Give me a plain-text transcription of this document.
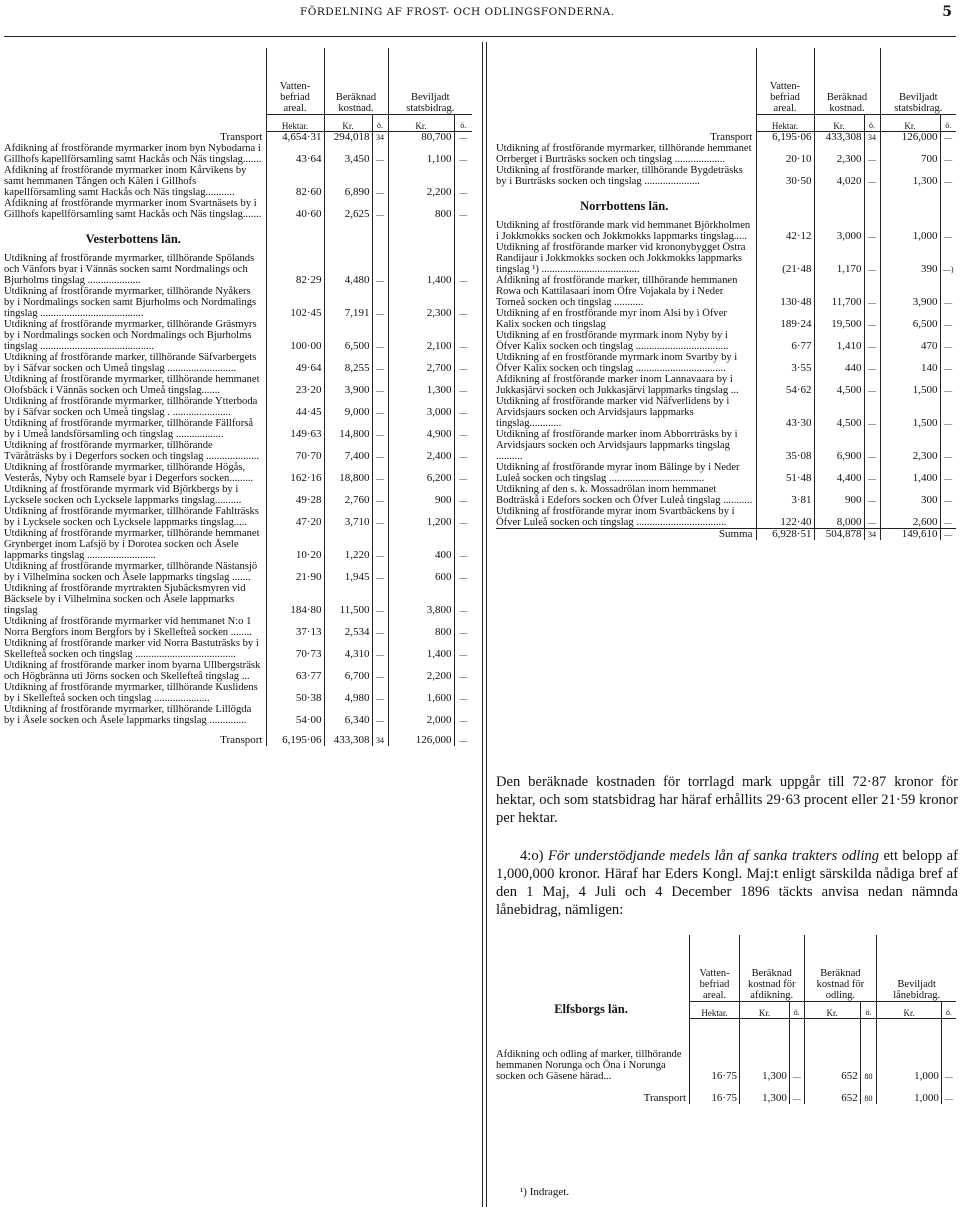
FÖRDELNING AF FROST- OCH ODLINGSFONDERNA.	5
	Vatten-
befriad
areal.	Beräknad
kostnad.		Beviljadt
statsbidrag.	
	Hektar.	Kr.	ö.	Kr.	ö.
Transport	4,654·31	294,018	34	80,700	—
Afdikning af frostförande myrmarker inom byn Nybodarna i Gillhofs kapellförsamling samt Hackås och Näs tingslag.......	43·64	3,450	—	1,100	—
Afdikning af frostförande myrmarker inom Kårvikens by samt hemmanen Tången och Kälen i Gillhofs kapellförsamling samt Hackås och Näs tingslag...........	82·60	6,890	—	2,200	—
Afdikning af frostförande myrmarker inom Svartnäsets by i Gillhofs kapellförsamling samt Hackås och Näs tingslag.......	40·60	2,625	—	800	—
Vesterbottens län.					
Utdikning af frostförande myrmarker, tillhörande Spölands och Vänfors byar i Vännäs socken samt Nordmalings och Bjurholms tingslag ....................	82·29	4,480	—	1,400	—
Utdikning af frostförande myrmarker, tillhörande Nyåkers by i Nordmalings socken samt Bjurholms och Nordmalings tingslag .......................................	102·45	7,191	—	2,300	—
Utdikning af frostförande myrmarker, tillhörande Gräsmyrs by i Nordmalings socken och Nordmalings och Bjurholms tingslag ...........................................	100·00	6,500	—	2,100	—
Utdikning af frostförande marker, tillhörande Säfvarbergets by i Säfvar socken och Umeå tingslag ..........................	49·64	8,255	—	2,700	—
Utdikning af frostförande myrmarker, tillhörande hemmanet Olofsbäck i Vännäs socken och Umeå tingslag.......	23·20	3,900	—	1,300	—
Utdikning af frostförande myrmarker, tillhörande Ytterboda by i Säfvar socken och Umeå tingslag . ......................	44·45	9,000	—	3,000	—
Utdikning af frostförande myrmarker, tillhörande Fällforså by i Umeå landsförsamling och tingslag ..................	149·63	14,800	—	4,900	—
Utdikning af frostförande myrmarker, tillhörande Tväråträsks by i Degerfors socken och tingslag ....................	70·70	7,400	—	2,400	—
Utdikning af frostförande myrmarker, tillhörande Högås, Vesterås, Nyby och Ramsele byar i Degerfors socken.........	162·16	18,800	—	6,200	—
Utdikning af frostförande myrmark vid Björkbergs by i Lycksele socken och Lycksele lappmarks tingslag..........	49·28	2,760	—	900	—
Utdikning af frostförande myrmarker, tillhörande Fahlträsks by i Lycksele socken och Lycksele lappmarks tingslag.....	47·20	3,710	—	1,200	—
Utdikning af frostförande myrmarker, tillhörande hemmanet Grynberget inom Lafsjö by i Dorotea socken och Åsele lappmarks tingslag ..........................	10·20	1,220	—	400	—
Utdikning af frostförande myrmarker, tillhörande Nästansjö by i Vilhelmina socken och Åsele lappmarks tingslag .......	21·90	1,945	—	600	—
Utdikning af frostförande myrtrakten Sjubäcksmyren vid Bäcksele by i Vilhelmina socken och Åsele lappmarks tingslag	184·80	11,500	—	3,800	—
Utdikning af frostförande myrmarker vid hemmanet N:o 1 Norra Bergfors inom Bergfors by i Skellefteå socken ........	37·13	2,534	—	800	—
Utdikning af frostförande marker vid Norra Bastuträsks by i Skellefteå socken och tingslag ......................................	70·73	4,310	—	1,400	—
Utdikning af frostförande marker inom byarna Ullbergsträsk och Högbränna uti Jörns socken och Skellefteå tingslag ...	63·77	6,700	—	2,200	—
Utdikning af frostförande myrmarker, tillhörande Kuslidens by i Skellefteå socken och tingslag .....................	50·38	4,980	—	1,600	—
Utdikning af frostförande myrmarker, tillhörande Lillögda by i Åsele socken och Åsele lappmarks tingslag ..............	54·00	6,340	—	2,000	—
Transport	6,195·06	433,308	34	126,000	—
	Vatten-
befriad
areal.	Beräknad
kostnad.		Beviljadt
statsbidrag.	
	Hektar.	Kr.	ö.	Kr.	ö.
Transport	6,195·06	433,308	34	126,000	—
Utdikning af frostförande myrmarker, tillhörande hemmanet Orrberget i Burträsks socken och tingslag ...................	20·10	2,300	—	700	—
Utdikning af frostförande marker, tillhörande Bygdeträsks by i Burträsks socken och tingslag .....................	30·50	4,020	—	1,300	—
Norrbottens län.					
Utdikning af frostförande mark vid hemmanet Björkholmen i Jokkmokks socken och Jokkmokks lappmarks tingslag.....	42·12	3,000	—	1,000	—
Utdikning af frostförande marker vid krononybygget Östra Randijaur i Jokkmokks socken och Jokkmokks lappmarks tingslag ¹) .....................................	(21·48	1,170	—	390	—)
Afdikning af frostförande marker, tillhörande hemmanen Rowa och Kattilasaari inom Öfre Vojakala by i Neder Torneå socken och tingslag ...........	130·48	11,700	—	3,900	—
Utdikning af en frostförande myr inom Alsi by i Öfver Kalix socken och tingslag	189·24	19,500	—	6,500	—
Utdikning af en frostförande myrmark inom Nyby by i Öfver Kalix socken och tingslag ...................................	6·77	1,410	—	470	—
Utdikning af en frostförande myrmark inom Svartby by i Öfver Kalix socken och tingslag ..................................	3·55	440	—	140	—
Afdikning af frostförande marker inom Lannavaara by i Jukkasjärvi socken och Jukkasjärvi lappmarks tingslag ...	54·62	4,500	—	1,500	—
Utdikning af frostförande marker vid Näfverlidens by i Arvidsjaurs socken och Arvidsjaurs lappmarks tingslag............	43·30	4,500	—	1,500	—
Utdikning af frostförande marker inom Abborrträsks by i Arvidsjaurs socken och Arvidsjaurs lappmarks tingslag ..........	35·08	6,900	—	2,300	—
Utdikning af frostförande myrar inom Bälinge by i Neder Luleå socken och tingslag ....................................	51·48	4,400	—	1,400	—
Utdikning af den s. k. Mossadrölan inom hemmanet Bodträskå i Edefors socken och Öfver Luleå tingslag ...........	3·81	900	—	300	—
Utdikning af frostförande myrar inom Svartbäckens by i Öfver Luleå socken och tingslag ..................................	122·40	8,000	—	2,600	—
Summa	6,928·51	504,878	34	149,610	—

Den beräknade kostnaden för torrlagd mark uppgår till 72·87 kronor för hektar, och som statsbidrag har häraf erhållits 29·63 procent eller 21·59 kronor per hektar.

4:o) För understödjande medels lån af sanka trakters odling ett belopp af 1,000,000 kronor. Häraf har Eders Kongl. Maj:t enligt särskilda nådiga bref af den 1 Maj, 4 Juli och 4 December 1896 täckts anvisa nedan nämnda lånebidrag, nämligen:

	Vatten-
befriad
areal.	Beräknad
kostnad för
afdikning.		Beräknad
kostnad för
odling.		Beviljadt
lånebidrag.	
Elfsborgs län.	Hektar.	Kr.	ö.	Kr.	ö.	Kr.	ö.
Afdikning och odling af marker, tillhörande hemmanen Norunga och Öna i Norunga socken och Gäsene härad...	16·75	1,300	—	652	80	1,000	—
Transport	16·75	1,300	—	652	80	1,000	—
¹) Indraget.
